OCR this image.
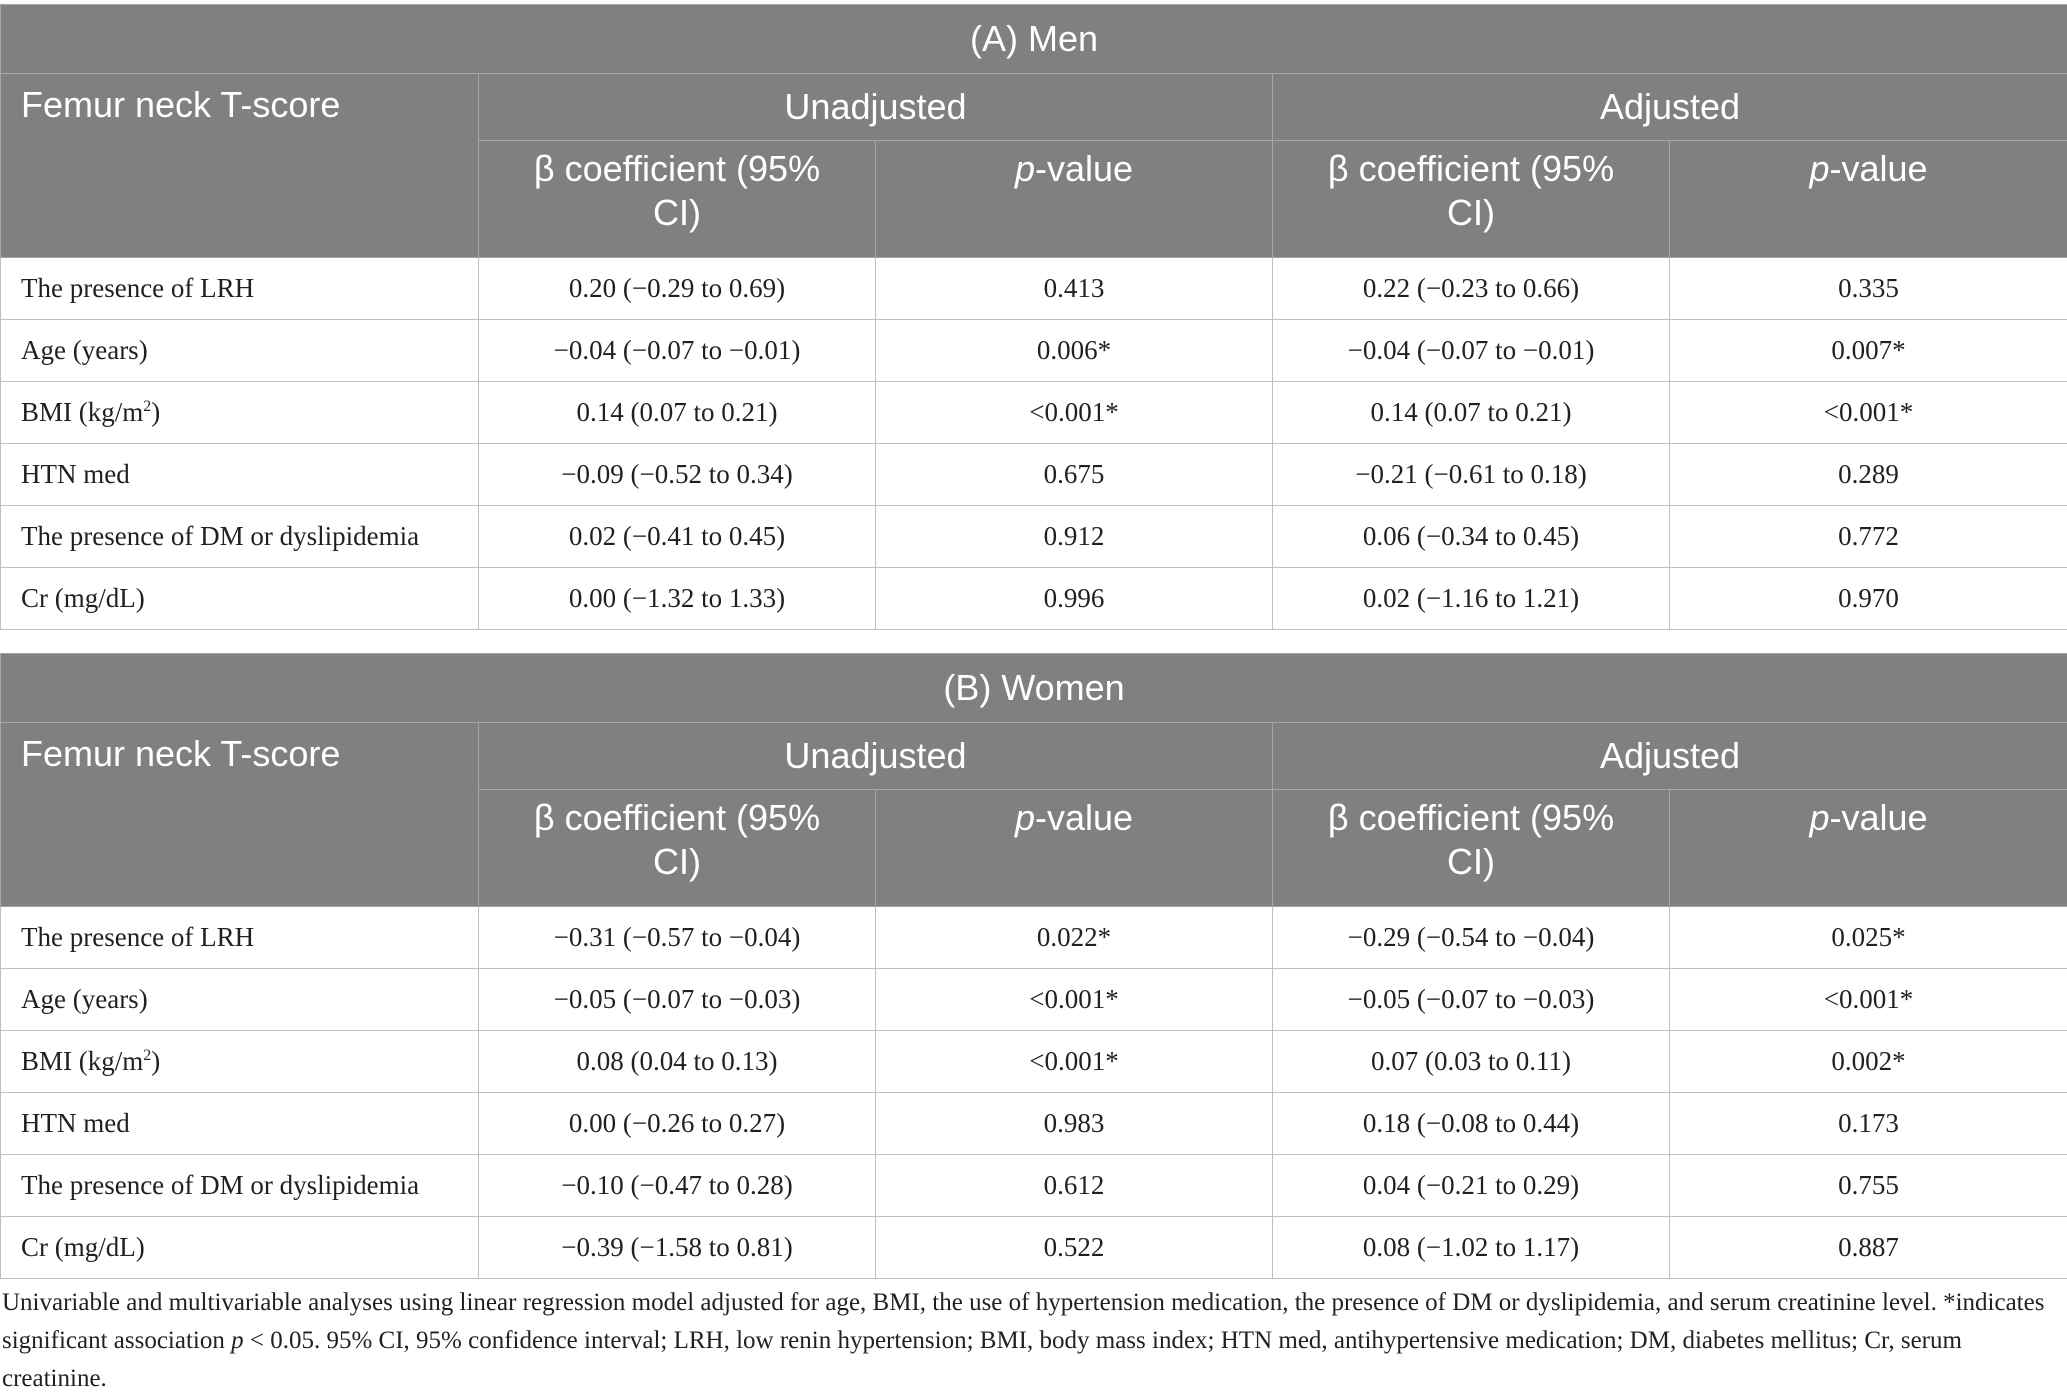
(A) Men				
Femur neck T-score	Unadjusted		Adjusted	
	β coefficient (95% CI)	p-value	β coefficient (95% CI)	p-value
The presence of LRH	0.20 (−0.29 to 0.69)	0.413	0.22 (−0.23 to 0.66)	0.335
Age (years)	−0.04 (−0.07 to −0.01)	0.006*	−0.04 (−0.07 to −0.01)	0.007*
BMI $(kg/m^2)$	0.14 (0.07 to 0.21)	<0.001*	0.14 (0.07 to 0.21)	<0.001*
HTN med	−0.09 (−0.52 to 0.34)	0.675	−0.21 (−0.61 to 0.18)	0.289
The presence of DM or dyslipidemia	0.02 (−0.41 to 0.45)	0.912	0.06 (−0.34 to 0.45)	0.772
Cr (mg/dL)	0.00 (−1.32 to 1.33)	0.996	0.02 (−1.16 to 1.21)	0.970
(B) Women				
Femur neck T-score	Unadjusted		Adjusted	
	β coefficient (95% CI)	p-value	β coefficient (95% CI)	p-value
The presence of LRH	−0.31 (−0.57 to −0.04)	0.022*	−0.29 (−0.54 to −0.04)	0.025*
Age (years)	−0.05 (−0.07 to −0.03)	<0.001*	−0.05 (−0.07 to −0.03)	<0.001*
BMI $(kg/m^2)$	0.08 (0.04 to 0.13)	<0.001*	0.07 (0.03 to 0.11)	0.002*
HTN med	0.00 (−0.26 to 0.27)	0.983	0.18 (−0.08 to 0.44)	0.173
The presence of DM or dyslipidemia	−0.10 (−0.47 to 0.28)	0.612	0.04 (−0.21 to 0.29)	0.755
Cr (mg/dL)	−0.39 (−1.58 to 0.81)	0.522	0.08 (−1.02 to 1.17)	0.887
Univariable and multivariable analyses using linear regression model adjusted for age, BMI, the use of hypertension medication, the presence of DM or dyslipidemia, and serum creatinine level. *indicates significant association p < 0.05. 95% CI, 95% confidence interval; LRH, low renin hypertension; BMI, body mass index; HTN med, antihypertensive medication; DM, diabetes mellitus; Cr, serum creatinine.
